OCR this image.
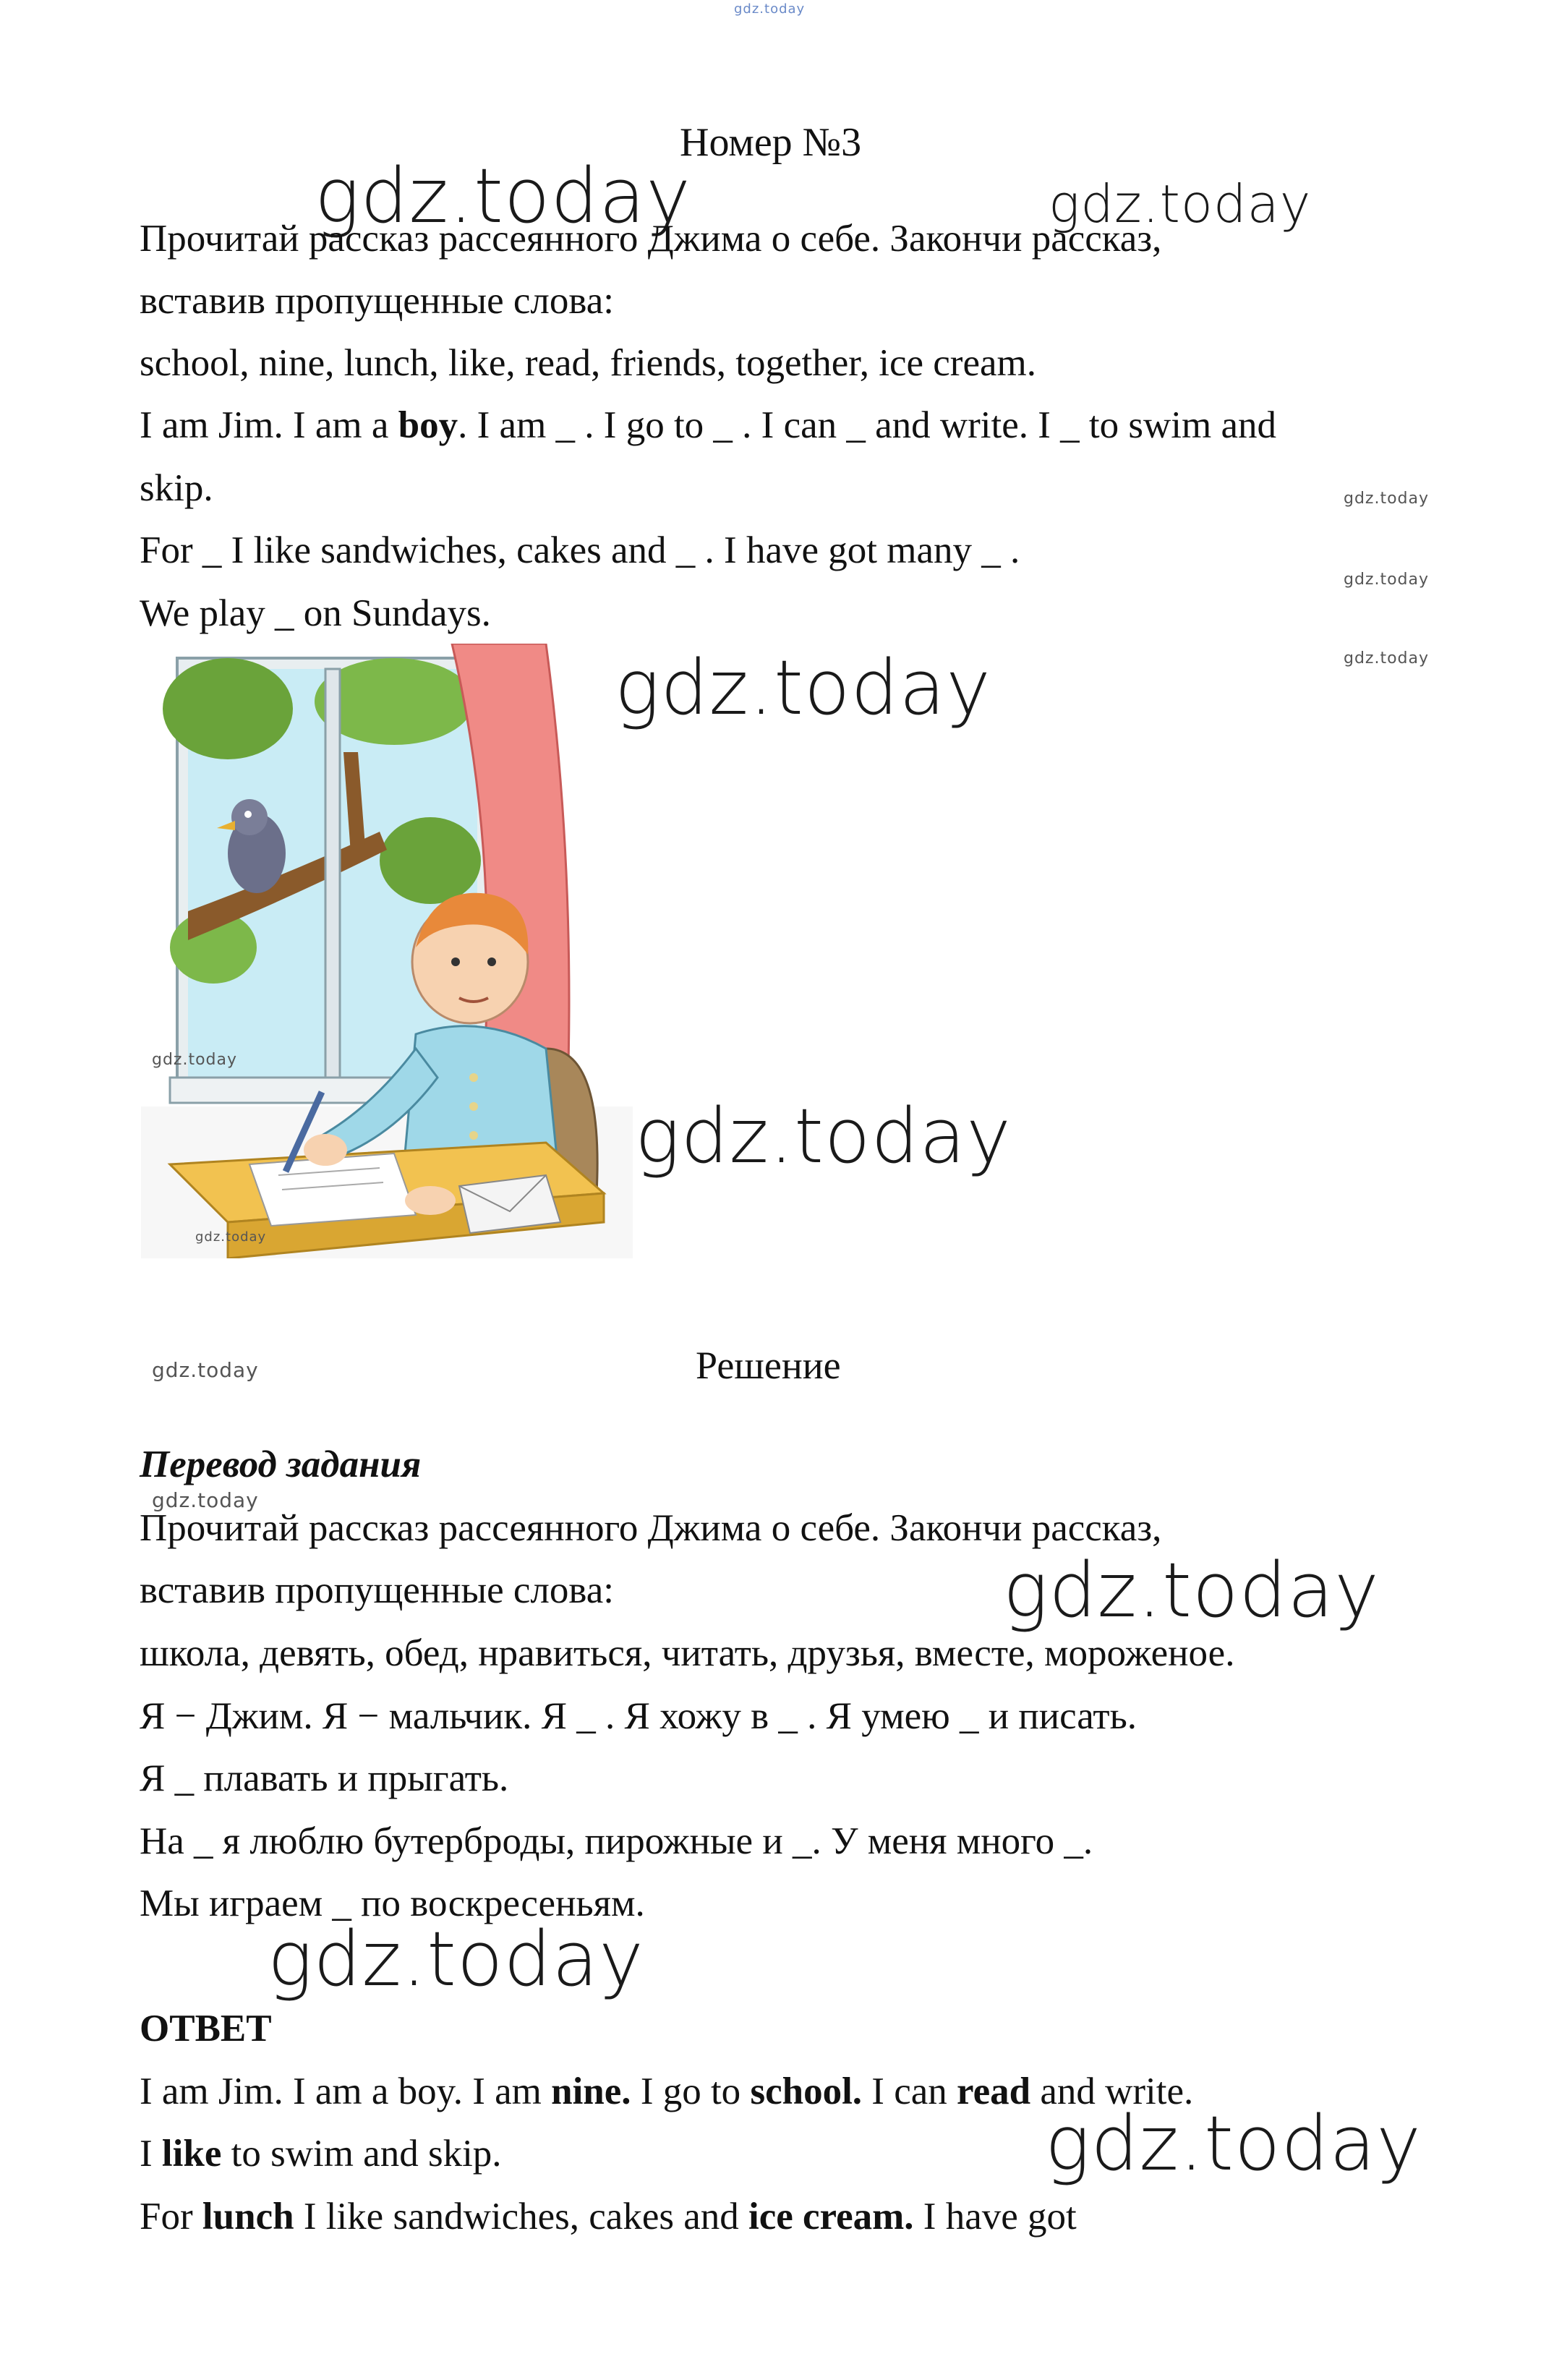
gdz.today
Номер №3
gdz.today	gdz.today
Прочитай рассказ рассеянного Джима о себе. Закончи рассказ,
вставив пропущенные слова:
school, nine, lunch, like, read, friends, together, ice cream.
I am Jim. I am a boy. I am _ . I go to _ . I can _ and write. I _ to swim and
skip.
For _ I like sandwiches, cakes and _ . I have got many _ .
We play _ on Sundays.
gdz.today
gdz.today
gdz.today
gdz.today
gdz.today
gdz.today
gdz.today
gdz.today	Решение
Перевод задания
gdz.today
Прочитай рассказ рассеянного Джима о себе. Закончи рассказ,
вставив пропущенные слова:	gdz.today
школа, девять, обед, нравиться, читать, друзья, вместе, мороженое.
Я − Джим. Я − мальчик. Я _ . Я хожу в _ . Я умею _ и писать.
Я _ плавать и прыгать.
На _ я люблю бутерброды, пирожные и _. У меня много _.
Мы играем _ по воскресеньям.
gdz.today
ОТВЕТ
I am Jim. I am a boy. I am nine. I go to school. I can read and write.
I like to swim and skip.	gdz.today
For lunch I like sandwiches, cakes and ice cream. I have got
